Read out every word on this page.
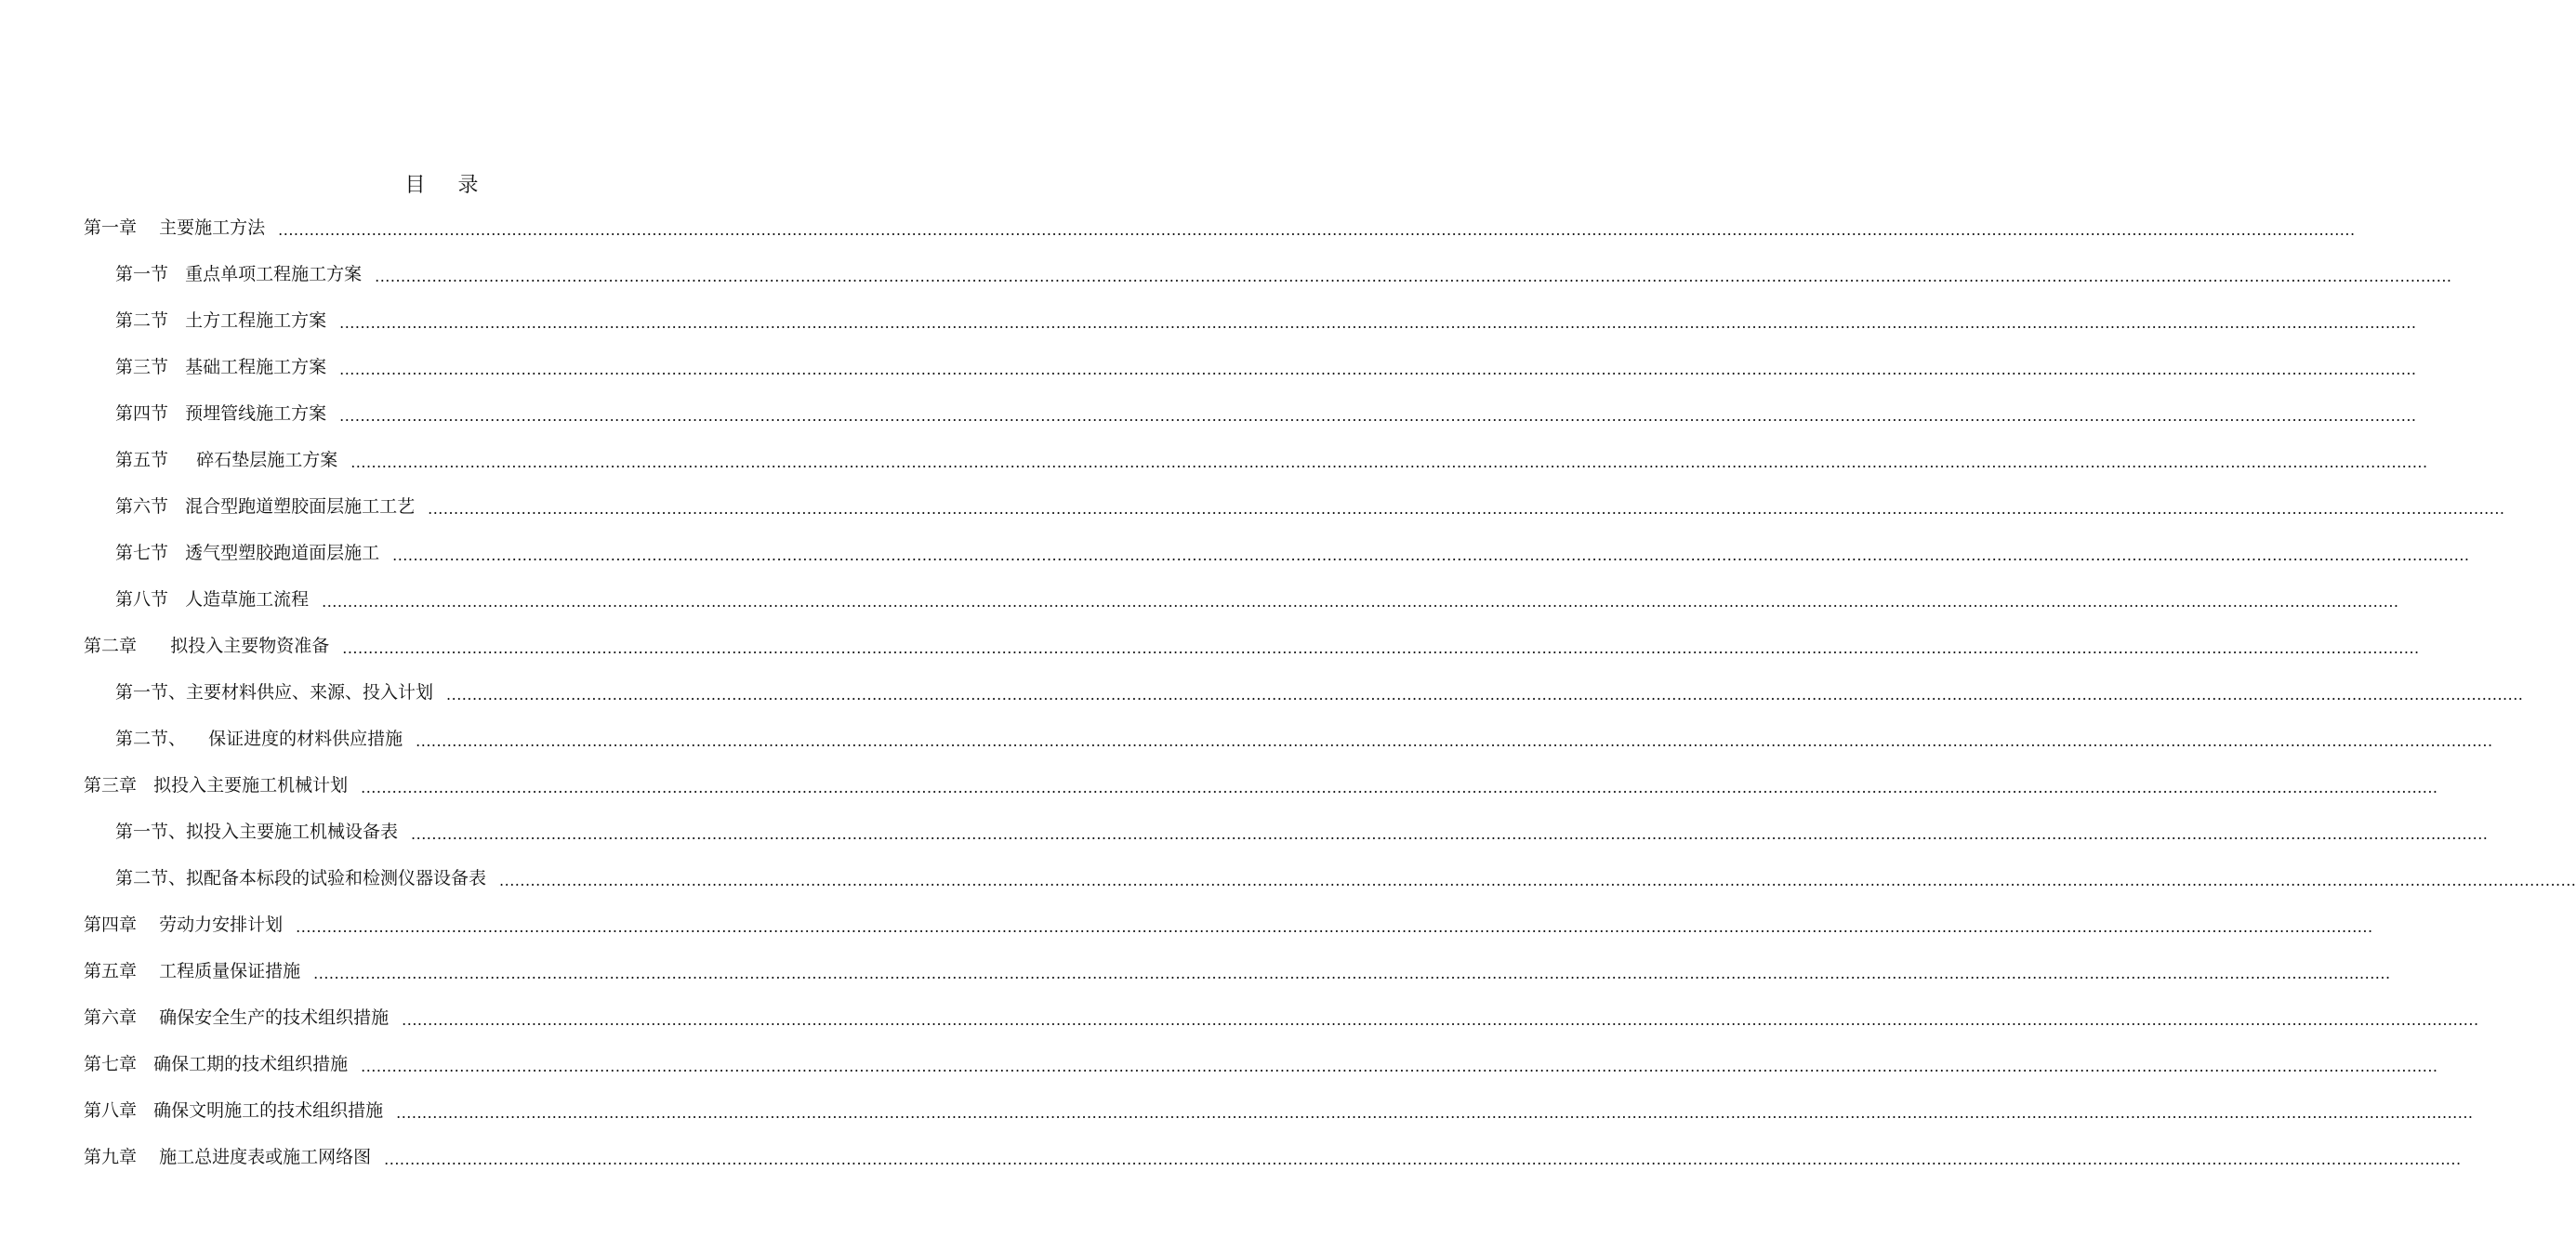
目 录
第一章    主要施工方法 ................................................................................................................................................................................................................................................................................................................................................................................................................
第一节   重点单项工程施工方案 ................................................................................................................................................................................................................................................................................................................................................................................................................
第二节   土方工程施工方案 ................................................................................................................................................................................................................................................................................................................................................................................................................
第三节   基础工程施工方案 ................................................................................................................................................................................................................................................................................................................................................................................................................
第四节   预埋管线施工方案 ................................................................................................................................................................................................................................................................................................................................................................................................................
第五节     碎石垫层施工方案 ................................................................................................................................................................................................................................................................................................................................................................................................................
第六节   混合型跑道塑胶面层施工工艺 ................................................................................................................................................................................................................................................................................................................................................................................................................
第七节   透气型塑胶跑道面层施工 ................................................................................................................................................................................................................................................................................................................................................................................................................
第八节   人造草施工流程 ................................................................................................................................................................................................................................................................................................................................................................................................................
第二章      拟投入主要物资准备 ................................................................................................................................................................................................................................................................................................................................................................................................................
第一节、主要材料供应、来源、投入计划 ................................................................................................................................................................................................................................................................................................................................................................................................................
第二节、    保证进度的材料供应措施 ................................................................................................................................................................................................................................................................................................................................................................................................................
第三章   拟投入主要施工机械计划 ................................................................................................................................................................................................................................................................................................................................................................................................................
第一节、拟投入主要施工机械设备表 ................................................................................................................................................................................................................................................................................................................................................................................................................
第二节、拟配备本标段的试验和检测仪器设备表 ................................................................................................................................................................................................................................................................................................................................................................................................................
第四章    劳动力安排计划 ................................................................................................................................................................................................................................................................................................................................................................................................................
第五章    工程质量保证措施 ................................................................................................................................................................................................................................................................................................................................................................................................................
第六章    确保安全生产的技术组织措施 ................................................................................................................................................................................................................................................................................................................................................................................................................
第七章   确保工期的技术组织措施 ................................................................................................................................................................................................................................................................................................................................................................................................................
第八章   确保文明施工的技术组织措施 ................................................................................................................................................................................................................................................................................................................................................................................................................
第九章    施工总进度表或施工网络图 ................................................................................................................................................................................................................................................................................................................................................................................................................
